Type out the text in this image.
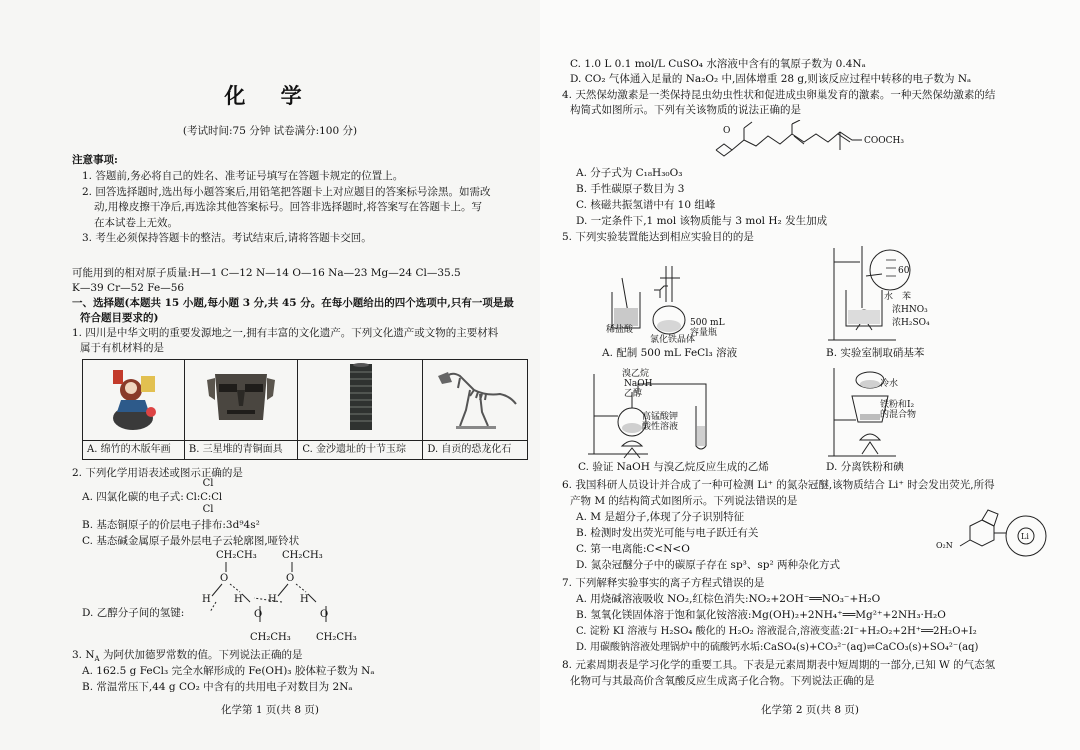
化 学
(考试时间:75 分钟 试卷满分:100 分)
注意事项:
1. 答题前,务必将自己的姓名、准考证号填写在答题卡规定的位置上。
2. 回答选择题时,选出每小题答案后,用铅笔把答题卡上对应题目的答案标号涂黑。如需改
动,用橡皮擦干净后,再选涂其他答案标号。回答非选择题时,将答案写在答题卡上。写
在本试卷上无效。
3. 考生必须保持答题卡的整洁。考试结束后,请将答题卡交回。
可能用到的相对原子质量:H—1 C—12 N—14 O—16 Na—23 Mg—24 Cl—35.5
K—39 Cr—52 Fe—56
一、选择题(本题共 15 小题,每小题 3 分,共 45 分。在每小题给出的四个选项中,只有一项是最
符合题目要求的)
1. 四川是中华文明的重要发源地之一,拥有丰富的文化遗产。下列文化遗产或文物的主要材料
属于有机材料的是

A. 绵竹的木版年画	B. 三星堆的青铜面具	C. 金沙遗址的十节玉琮	D. 自贡的恐龙化石
2. 下列化学用语表述或图示正确的是
A. 四氯化碳的电子式:
Cl
Cl:C:Cl
Cl
B. 基态铜原子的价层电子排布:3d⁹4s²
C. 基态碱金属原子最外层电子云轮廓图,哑铃状
CH₂CH₃	CH₂CH₃
O	O
H H	H H
O	O
D. 乙醇分子间的氢键:
CH₂CH₃	CH₂CH₃
3. $N_A$ 为阿伏加德罗常数的值。下列说法正确的是
A. 162.5 g FeCl₃ 完全水解形成的 Fe(OH)₃ 胶体粒子数为 Nₐ
B. 常温常压下,44 g CO₂ 中含有的共用电子对数目为 2Nₐ
化学第 1 页(共 8 页)
C. 1.0 L 0.1 mol/L CuSO₄ 水溶液中含有的氧原子数为 0.4Nₐ
D. CO₂ 气体通入足量的 Na₂O₂ 中,固体增重 28 g,则该反应过程中转移的电子数为 Nₐ
4. 天然保幼激素是一类保持昆虫幼虫性状和促进成虫卵巢发育的激素。一种天然保幼激素的结
构简式如图所示。下列有关该物质的说法正确的是
O
COOCH₃
A. 分子式为 C₁₈H₃₀O₃
B. 手性碳原子数目为 3
C. 核磁共振氢谱中有 10 组峰
D. 一定条件下,1 mol 该物质能与 3 mol H₂ 发生加成
5. 下列实验装置能达到相应实验目的的是
稀盐酸
氯化铁晶体
500 mL
容量瓶
A. 配制 500 mL FeCl₃ 溶液
60
苯
浓HNO₃
浓H₂SO₄
水
B. 实验室制取硝基苯
溴乙烷
NaOH
乙醇
高锰酸钾
酸性溶液
C. 验证 NaOH 与溴乙烷反应生成的乙烯
冷水
铁粉和I₂
的混合物
D. 分离铁粉和碘
6. 我国科研人员设计并合成了一种可检测 Li⁺ 的氮杂冠醚,该物质结合 Li⁺ 时会发出荧光,所得
产物 M 的结构简式如图所示。下列说法错误的是
A. M 是超分子,体现了分子识别特征
B. 检测时发出荧光可能与电子跃迁有关
C. 第一电离能:C<N<O
D. 氮杂冠醚分子中的碳原子存在 sp³、sp² 两种杂化方式
Li
O₂N
7. 下列解释实验事实的离子方程式错误的是
A. 用烧碱溶液吸收 NO₂,红棕色消失:NO₂+2OH⁻══NO₃⁻+H₂O
B. 氢氧化镁固体溶于饱和氯化铵溶液:Mg(OH)₂+2NH₄⁺══Mg²⁺+2NH₃·H₂O
C. 淀粉 KI 溶液与 H₂SO₄ 酸化的 H₂O₂ 溶液混合,溶液变蓝:2I⁻+H₂O₂+2H⁺══2H₂O+I₂
D. 用碳酸钠溶液处理锅炉中的硫酸钙水垢:CaSO₄(s)+CO₃²⁻(aq)⇌CaCO₃(s)+SO₄²⁻(aq)
8. 元素周期表是学习化学的重要工具。下表是元素周期表中短周期的一部分,已知 W 的气态氢
化物可与其最高价含氧酸反应生成离子化合物。下列说法正确的是
化学第 2 页(共 8 页)
